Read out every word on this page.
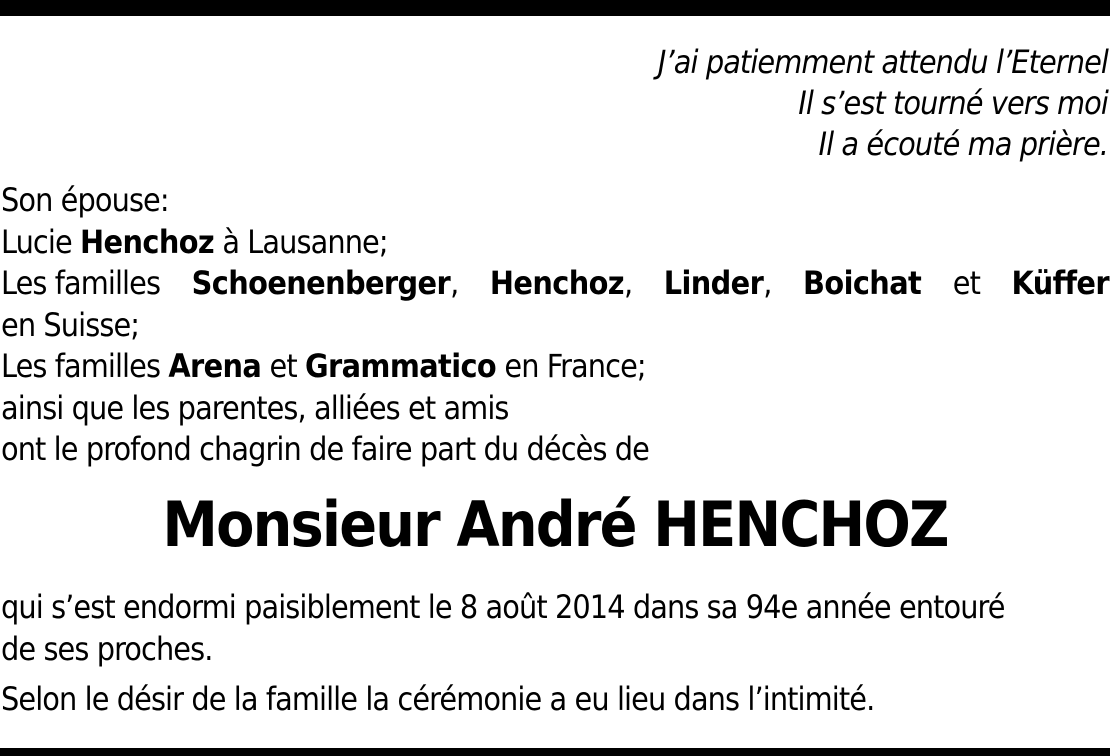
J’ai patiemment attendu l’Eternel
Il s’est tourné vers moi
Il a écouté ma prière.
Son épouse:
Lucie Henchoz à Lausanne;
Les familles Schoenenberger, Henchoz, Linder, Boichat et Küffer
en Suisse;
Les familles Arena et Grammatico en France;
ainsi que les parentes, alliées et amis
ont le profond chagrin de faire part du décès de
Monsieur André HENCHOZ
qui s’est endormi paisiblement le 8 août 2014 dans sa 94e année entouré
de ses proches.
Selon le désir de la famille la cérémonie a eu lieu dans l’intimité.
